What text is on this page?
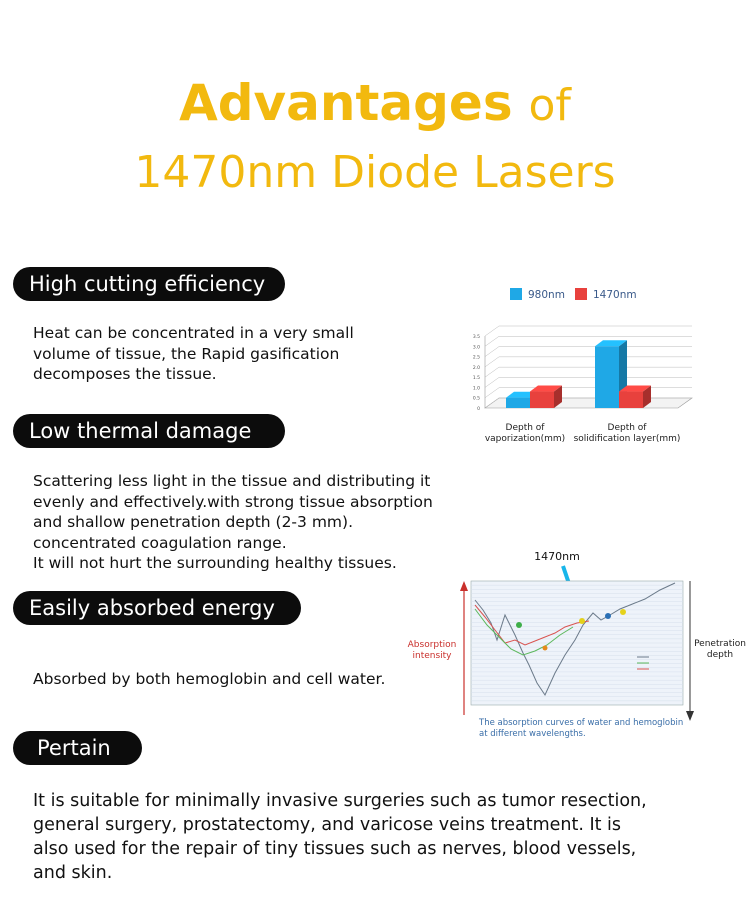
Advantages of
1470nm Diode Lasers
High cutting efficiency
Heat can be concentrated in a very small
volume of tissue, the Rapid gasification
decomposes the tissue.
Low thermal damage
Scattering less light in the tissue and distributing it
evenly and effectively.with strong tissue absorption
and shallow penetration depth (2-3 mm).
concentrated coagulation range.
It will not hurt the surrounding healthy tissues.
Easily absorbed energy
Absorbed by both hemoglobin and cell water.
Pertain
It is suitable for minimally invasive surgeries such as tumor resection,
general surgery, prostatectomy, and varicose veins treatment. It is
also used for the repair of tiny tissues such as nerves, blood vessels,
and skin.
980nm	1470nm
0
0.5
1.0
1.5
2.0
2.5
3.0
3.5
Depth of
vaporization(mm)
Depth of
solidification layer(mm)
1470nm
Absorption
intensity
Penetration
depth
The absorption curves of water and hemoglobin
at different wavelengths.
